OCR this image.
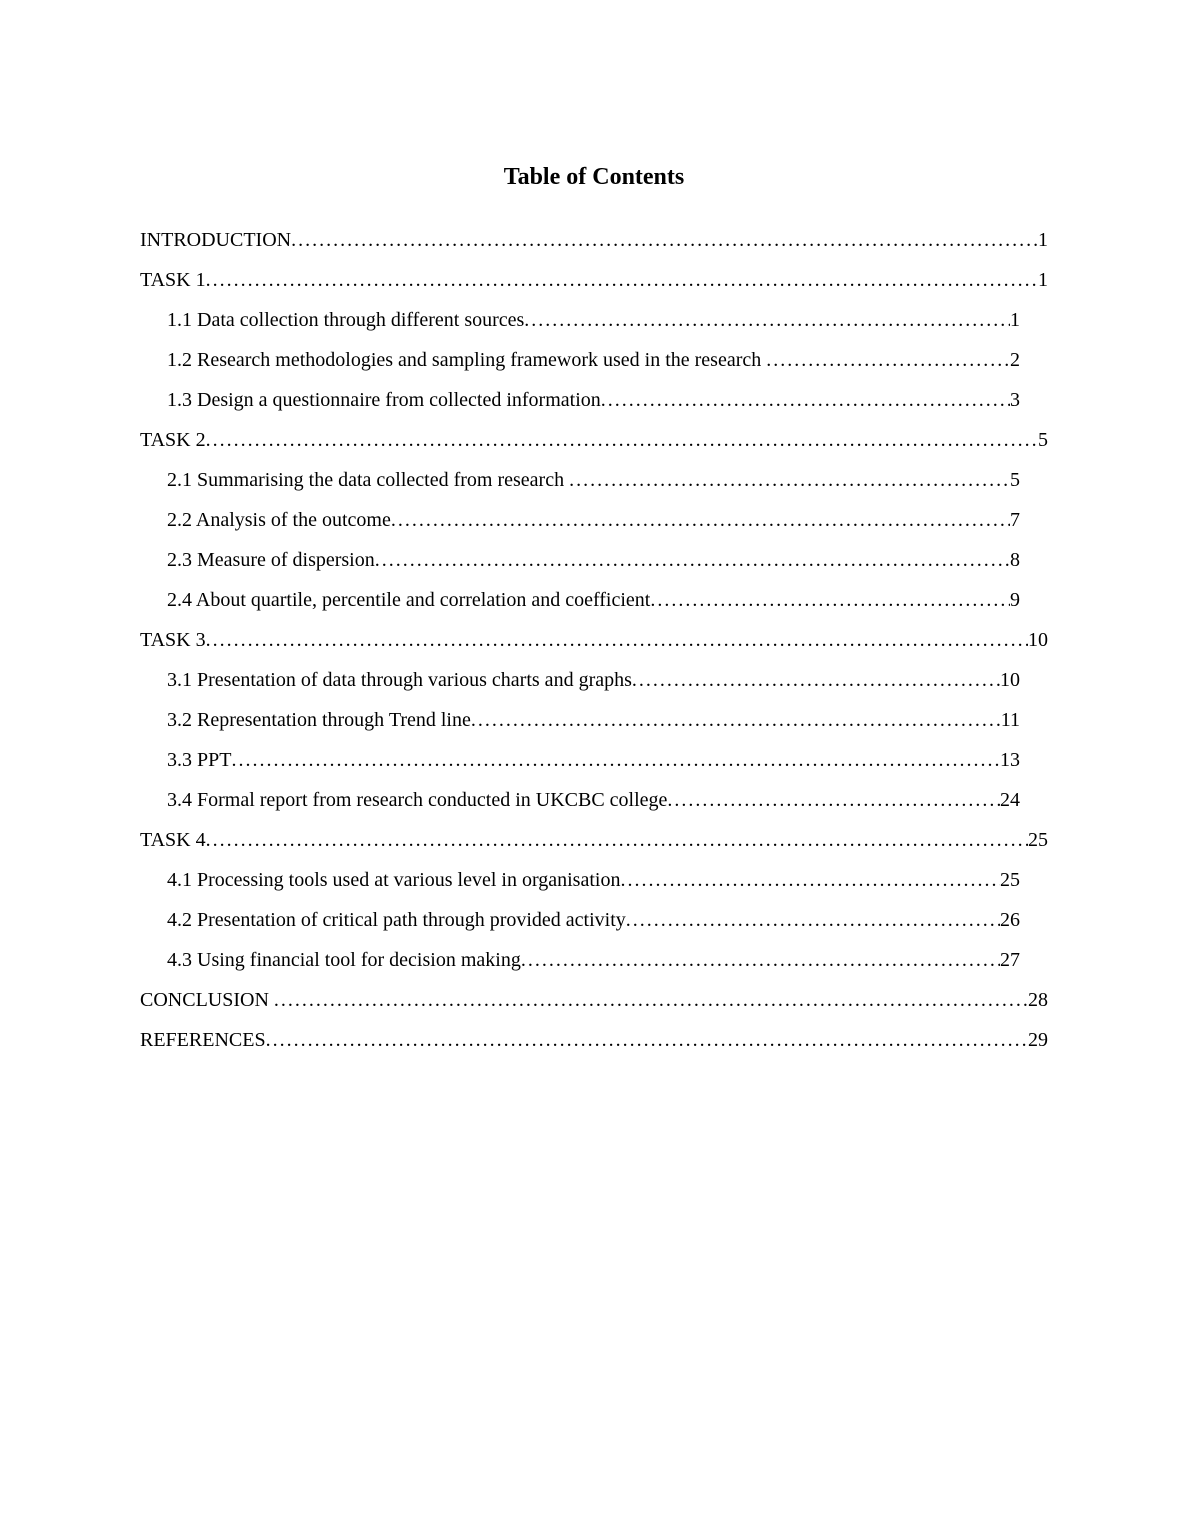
Table of Contents
INTRODUCTION .....	1
TASK 1 .....	1
1.1 Data collection through different sources .....	1
1.2 Research methodologies and sampling framework used in the research .....	2
1.3 Design a questionnaire from collected information .....	3
TASK 2 .....	5
2.1 Summarising the data collected from research .....	5
2.2 Analysis of the outcome .....	7
2.3 Measure of dispersion .....	8
2.4 About quartile, percentile and correlation and coefficient .....	9
TASK 3 .....	10
3.1 Presentation of data through various charts and graphs .....	10
3.2 Representation through Trend line .....	11
3.3 PPT .....	13
3.4 Formal report from research conducted in UKCBC college .....	24
TASK 4 .....	25
4.1 Processing tools used at various level in organisation .....	25
4.2 Presentation of critical path through provided activity .....	26
4.3 Using financial tool for decision making .....	27
CONCLUSION .....	28
REFERENCES .....	29
